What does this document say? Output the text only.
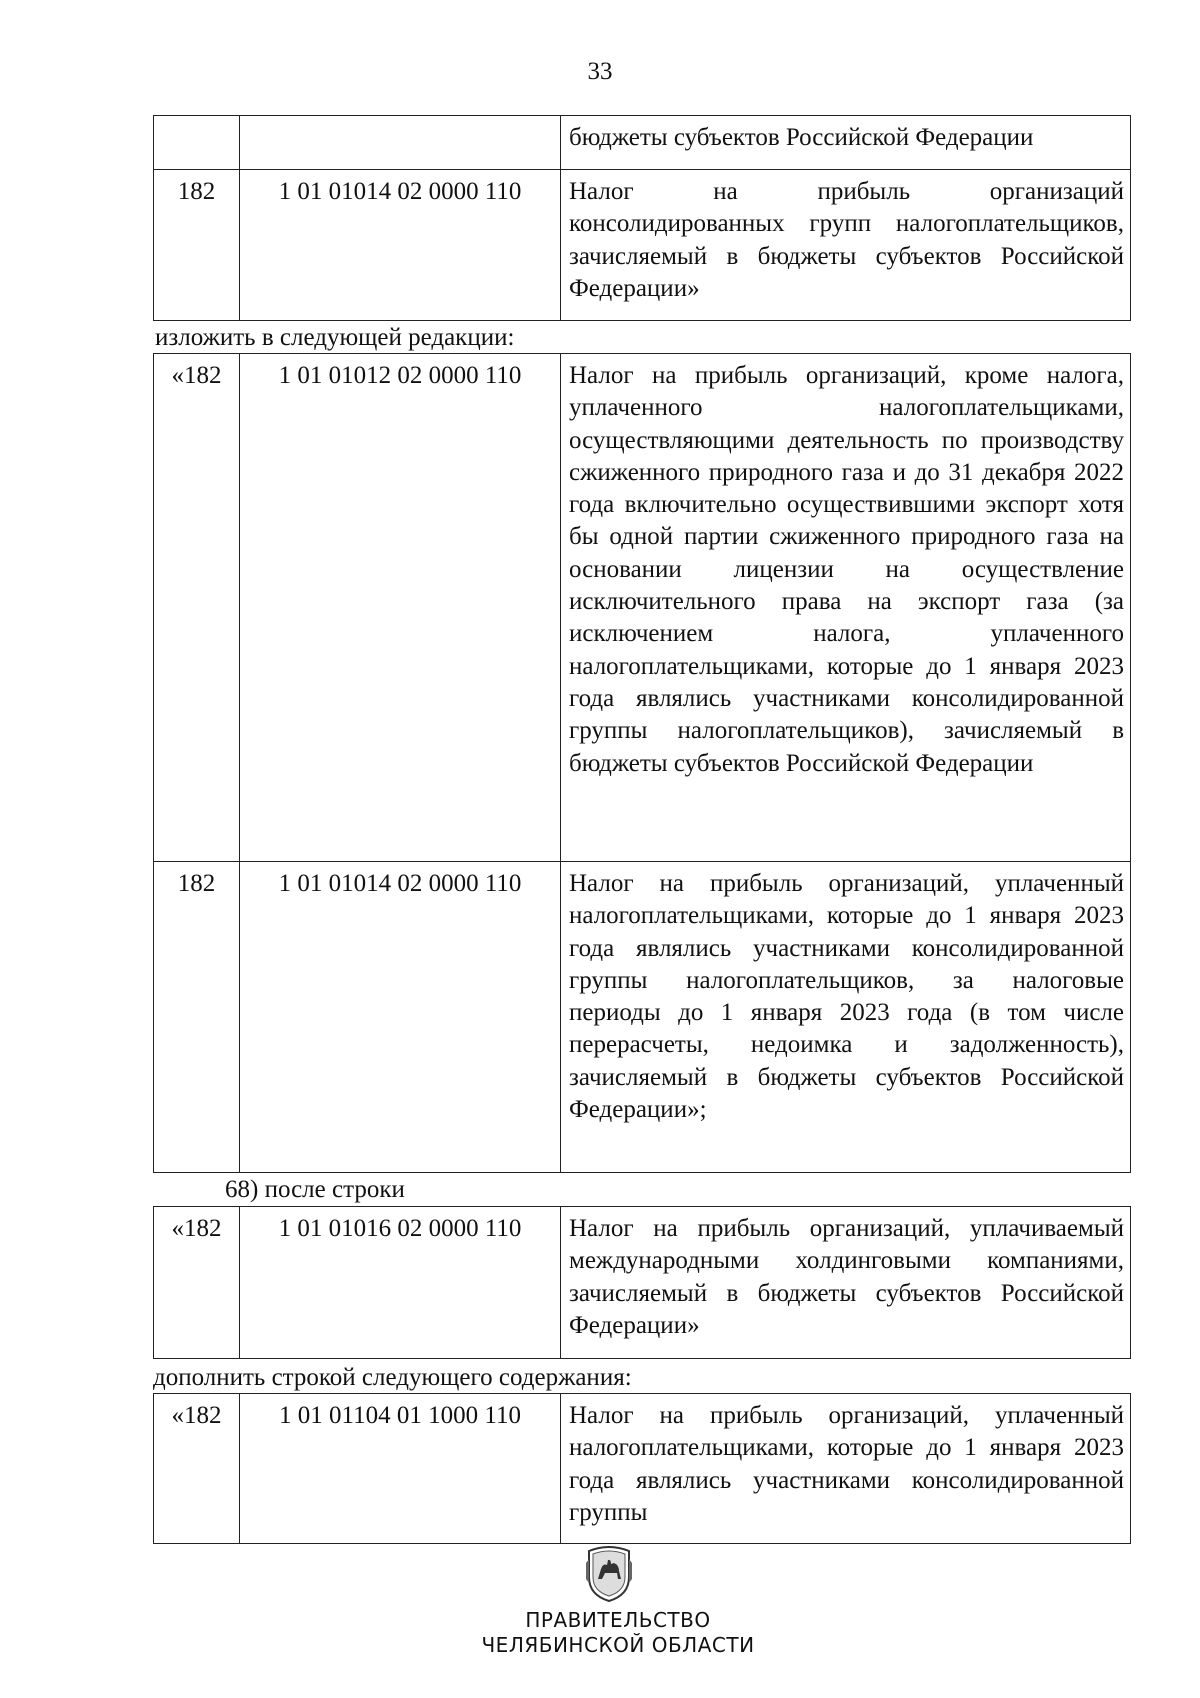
33
		бюджеты субъектов Российской Федерации
182	1 01 01014 02 0000 110	Налог на прибыль организаций консолидированных групп налогоплательщиков, зачисляемый в бюджеты субъектов Российской Федерации»
изложить в следующей редакции:
«182	1 01 01012 02 0000 110	Налог на прибыль организаций, кроме налога, уплаченного налогоплательщиками, осуществляющими деятельность по производству сжиженного природного газа и до 31 декабря 2022 года включительно осуществившими экспорт хотя бы одной партии сжиженного природного газа на основании лицензии на осуществление исключительного права на экспорт газа (за исключением налога, уплаченного налогоплательщиками, которые до 1 января 2023 года являлись участниками консолидированной группы налогоплательщиков), зачисляемый в бюджеты субъектов Российской Федерации
182	1 01 01014 02 0000 110	Налог на прибыль организаций, уплаченный налогоплательщиками, которые до 1 января 2023 года являлись участниками консолидированной группы налогоплательщиков, за налоговые периоды до 1 января 2023 года (в том числе перерасчеты, недоимка и задолженность), зачисляемый в бюджеты субъектов Российской Федерации»;
68) после строки
«182	1 01 01016 02 0000 110	Налог на прибыль организаций, уплачиваемый международными холдинговыми компаниями, зачисляемый в бюджеты субъектов Российской Федерации»
дополнить строкой следующего содержания:
«182	1 01 01104 01 1000 110	Налог на прибыль организаций, уплаченный налогоплательщиками, которые до 1 января 2023 года являлись участниками консолидированной группы
ПРАВИТЕЛЬСТВО
ЧЕЛЯБИНСКОЙ ОБЛАСТИ
